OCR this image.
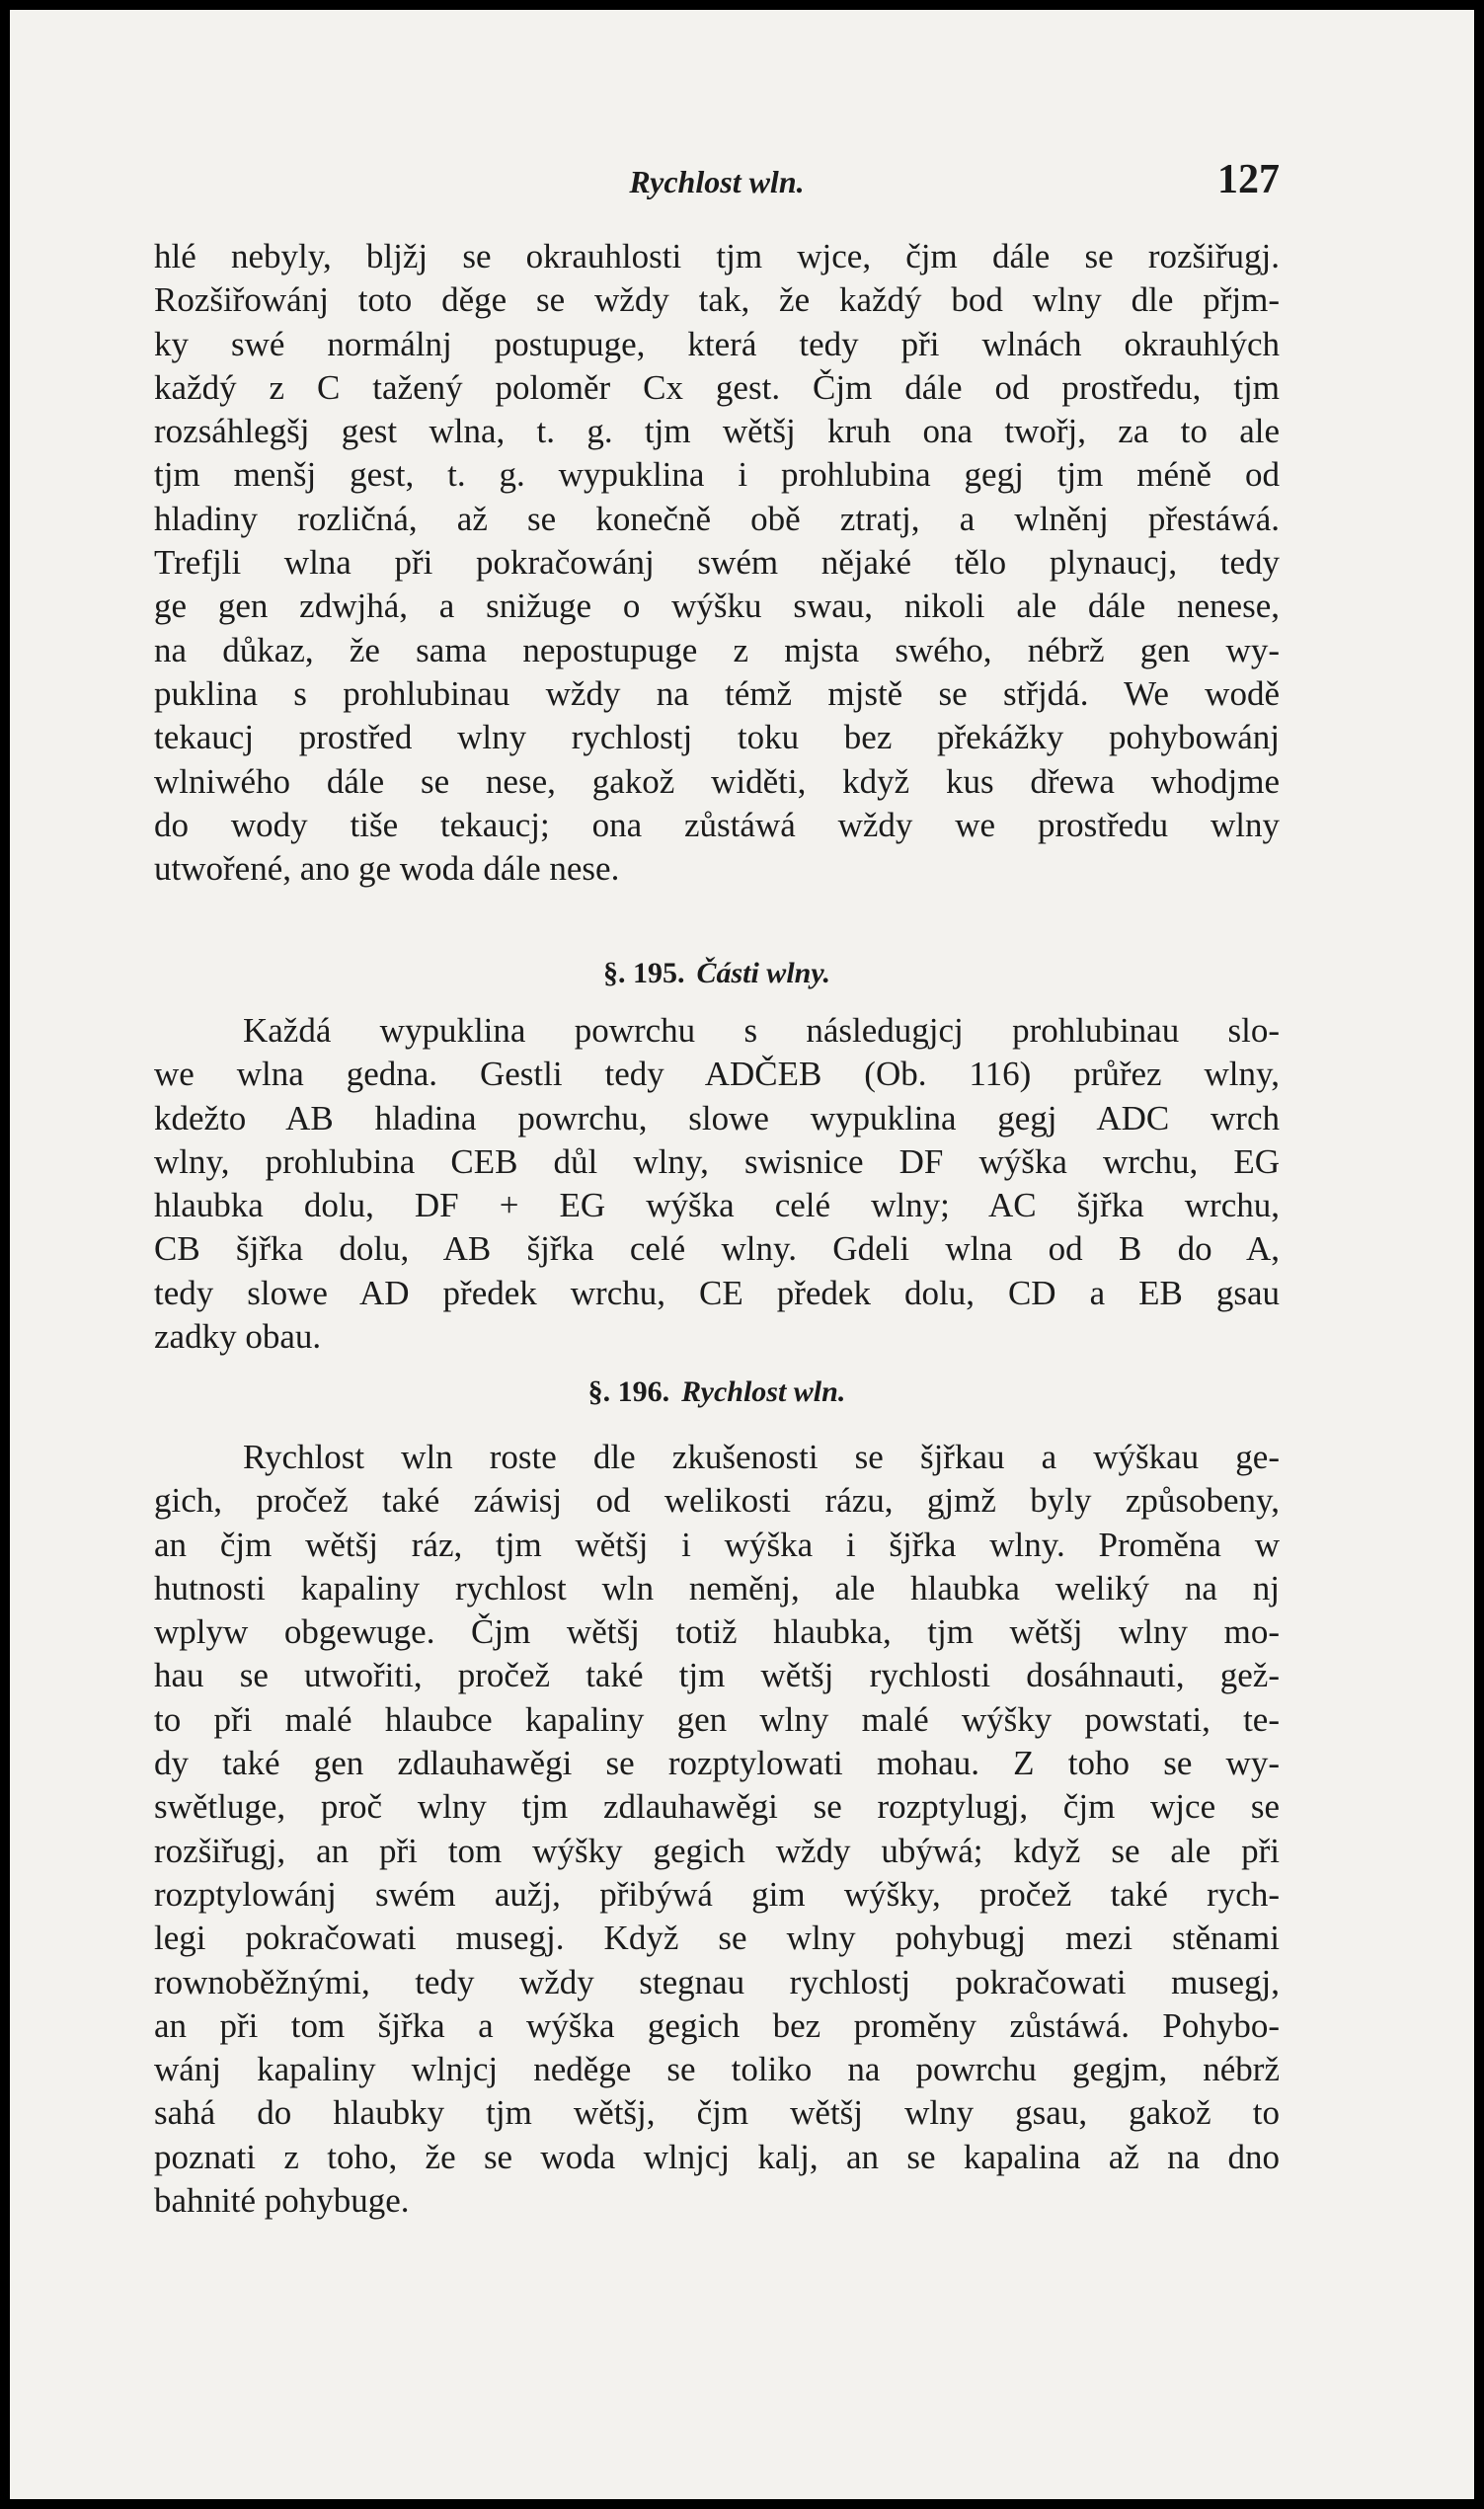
Rychlost wln.	127
hlé nebyly, bljžj se okrauhlosti tjm wjce, čjm dále se rozšiřugj.
Rozšiřowánj toto děge se wždy tak, že každý bod wlny dle přjm-
ky swé normálnj postupuge, která tedy při wlnách okrauhlých
každý z C tažený poloměr Cx gest. Čjm dále od prostředu, tjm
rozsáhlegšj gest wlna, t. g. tjm wětšj kruh ona twořj, za to ale
tjm menšj gest, t. g. wypuklina i prohlubina gegj tjm méně od
hladiny rozličná, až se konečně obě ztratj, a wlněnj přestáwá.
Trefjli wlna při pokračowánj swém nějaké tělo plynaucj, tedy
ge gen zdwjhá, a snižuge o wýšku swau, nikoli ale dále nenese,
na důkaz, že sama nepostupuge z mjsta swého, nébrž gen wy-
puklina s prohlubinau wždy na témž mjstě se střjdá. We wodě
tekaucj prostřed wlny rychlostj toku bez překážky pohybowánj
wlniwého dále se nese, gakož widěti, když kus dřewa whodjme
do wody tiše tekaucj; ona zůstáwá wždy we prostředu wlny
utwořené, ano ge woda dále nese.
§. 195. Části wlny.
Každá wypuklina powrchu s následugjcj prohlubinau slo-
we wlna gedna. Gestli tedy ADČEB (Ob. 116) průřez wlny,
kdežto AB hladina powrchu, slowe wypuklina gegj ADC wrch
wlny, prohlubina CEB důl wlny, swisnice DF wýška wrchu, EG
hlaubka dolu, DF + EG wýška celé wlny; AC šjřka wrchu,
CB šjřka dolu, AB šjřka celé wlny. Gdeli wlna od B do A,
tedy slowe AD předek wrchu, CE předek dolu, CD a EB gsau
zadky obau.
§. 196. Rychlost wln.
Rychlost wln roste dle zkušenosti se šjřkau a wýškau ge-
gich, pročež také záwisj od welikosti rázu, gjmž byly způsobeny,
an čjm wětšj ráz, tjm wětšj i wýška i šjřka wlny. Proměna w
hutnosti kapaliny rychlost wln neměnj, ale hlaubka weliký na nj
wplyw obgewuge. Čjm wětšj totiž hlaubka, tjm wětšj wlny mo-
hau se utwořiti, pročež také tjm wětšj rychlosti dosáhnauti, gež-
to při malé hlaubce kapaliny gen wlny malé wýšky powstati, te-
dy také gen zdlauhawěgi se rozptylowati mohau. Z toho se wy-
swětluge, proč wlny tjm zdlauhawěgi se rozptylugj, čjm wjce se
rozšiřugj, an při tom wýšky gegich wždy ubýwá; když se ale při
rozptylowánj swém aužj, přibýwá gim wýšky, pročež také rych-
legi pokračowati musegj. Když se wlny pohybugj mezi stěnami
rownoběžnými, tedy wždy stegnau rychlostj pokračowati musegj,
an při tom šjřka a wýška gegich bez proměny zůstáwá. Pohybo-
wánj kapaliny wlnjcj neděge se toliko na powrchu gegjm, nébrž
sahá do hlaubky tjm wětšj, čjm wětšj wlny gsau, gakož to
poznati z toho, že se woda wlnjcj kalj, an se kapalina až na dno
bahnité pohybuge.
